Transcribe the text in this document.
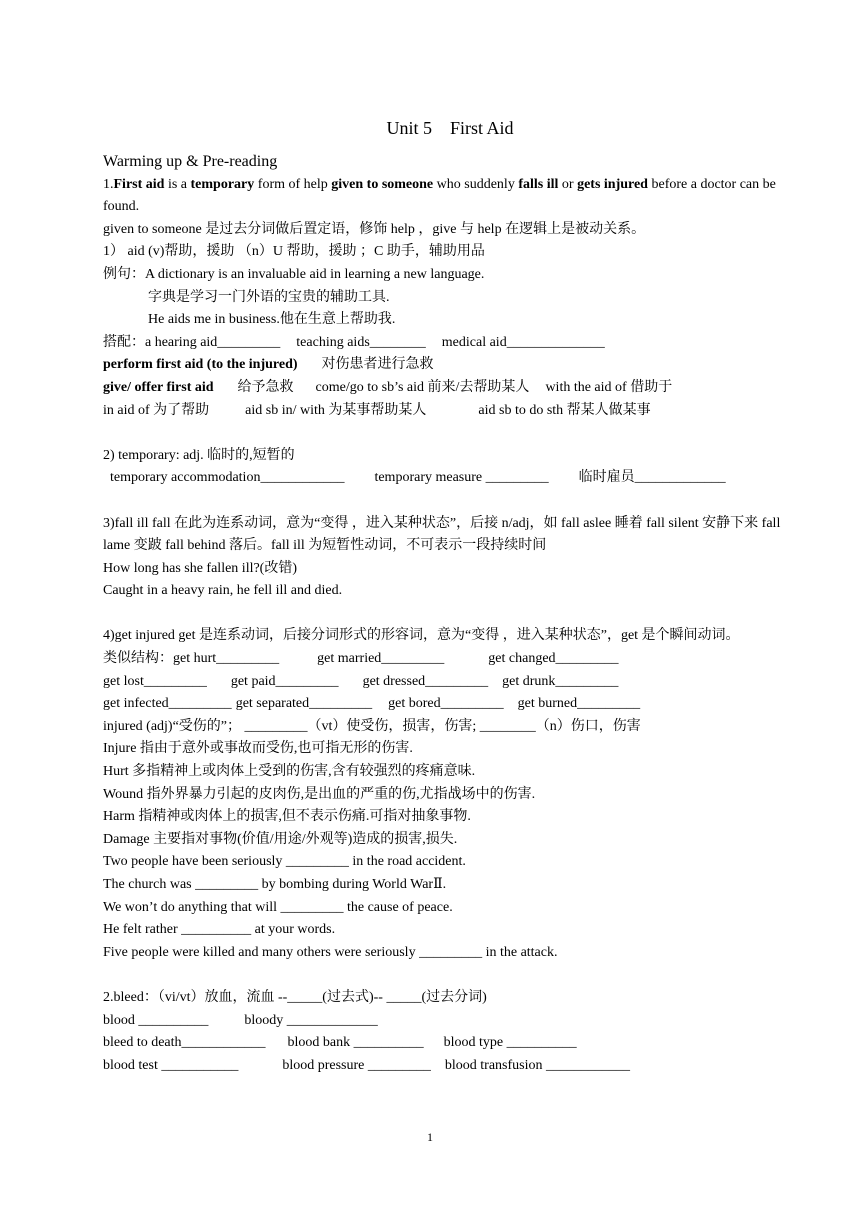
Unit 5    First Aid
Warming up & Pre-reading
1.First aid is a temporary form of help given to someone who suddenly falls ill or gets injured before a doctor can be found.
given to someone 是过去分词做后置定语，修饰 help ，give 与 help 在逻辑上是被动关系。
1） aid (v)帮助，援助 （n）U 帮助，援助 ；C 助手，辅助用品
例句：A dictionary is an invaluable aid in learning a new language.
字典是学习一门外语的宝贵的辅助工具.
He aids me in business.他在生意上帮助我.
搭配：a hearing aid_________ teaching aids________ medical aid______________
perform first aid (to the injured) 对伤患者进行急救
give/ offer first aid 给予急救 come/go to sb’s aid 前来/去帮助某人 with the aid of 借助于
in aid of 为了帮助	aid sb in/ with 为某事帮助某人	aid sb to do sth 帮某人做某事
2) temporary: adj. 临时的,短暂的
temporary accommodation____________ temporary measure _________ 临时雇员_____________
3)fall ill fall 在此为连系动词，意为“变得 ，进入某种状态”，后接 n/adj，如 fall aslee 睡着 fall silent 安静下来 fall lame 变跛 fall behind 落后。fall ill 为短暂性动词，不可表示一段持续时间
How long has she fallen ill?(改错)
Caught in a heavy rain, he fell ill and died.
4)get injured get 是连系动词，后接分词形式的形容词，意为“变得 ，进入某种状态”，get 是个瞬间动词。
类似结构：get hurt_________	get married_________	get changed_________
get lost_________ get paid_________ get dressed_________ get drunk_________
get infected_________ get separated_________ get bored_________ get burned_________
injured (adj)“受伤的”； _________（vt）使受伤，损害，伤害; ________（n）伤口，伤害
Injure 指由于意外或事故而受伤,也可指无形的伤害.
Hurt 多指精神上或肉体上受到的伤害,含有较强烈的疼痛意味.
Wound 指外界暴力引起的皮肉伤,是出血的严重的伤,尤指战场中的伤害.
Harm 指精神或肉体上的损害,但不表示伤痛.可指对抽象事物.
Damage 主要指对事物(价值/用途/外观等)造成的损害,损失.
Two people have been seriously _________ in the road accident.
The church was _________ by bombing during World WarⅡ.
We won’t do anything that will _________ the cause of peace.
He felt rather __________ at your words.
Five people were killed and many others were seriously _________ in the attack.
2.bleed：（vi/vt）放血，流血 --_____(过去式)-- _____(过去分词)
blood __________	bloody _____________
bleed to death____________ blood bank __________ blood type __________
blood test ___________	blood pressure _________ blood transfusion ____________
1
